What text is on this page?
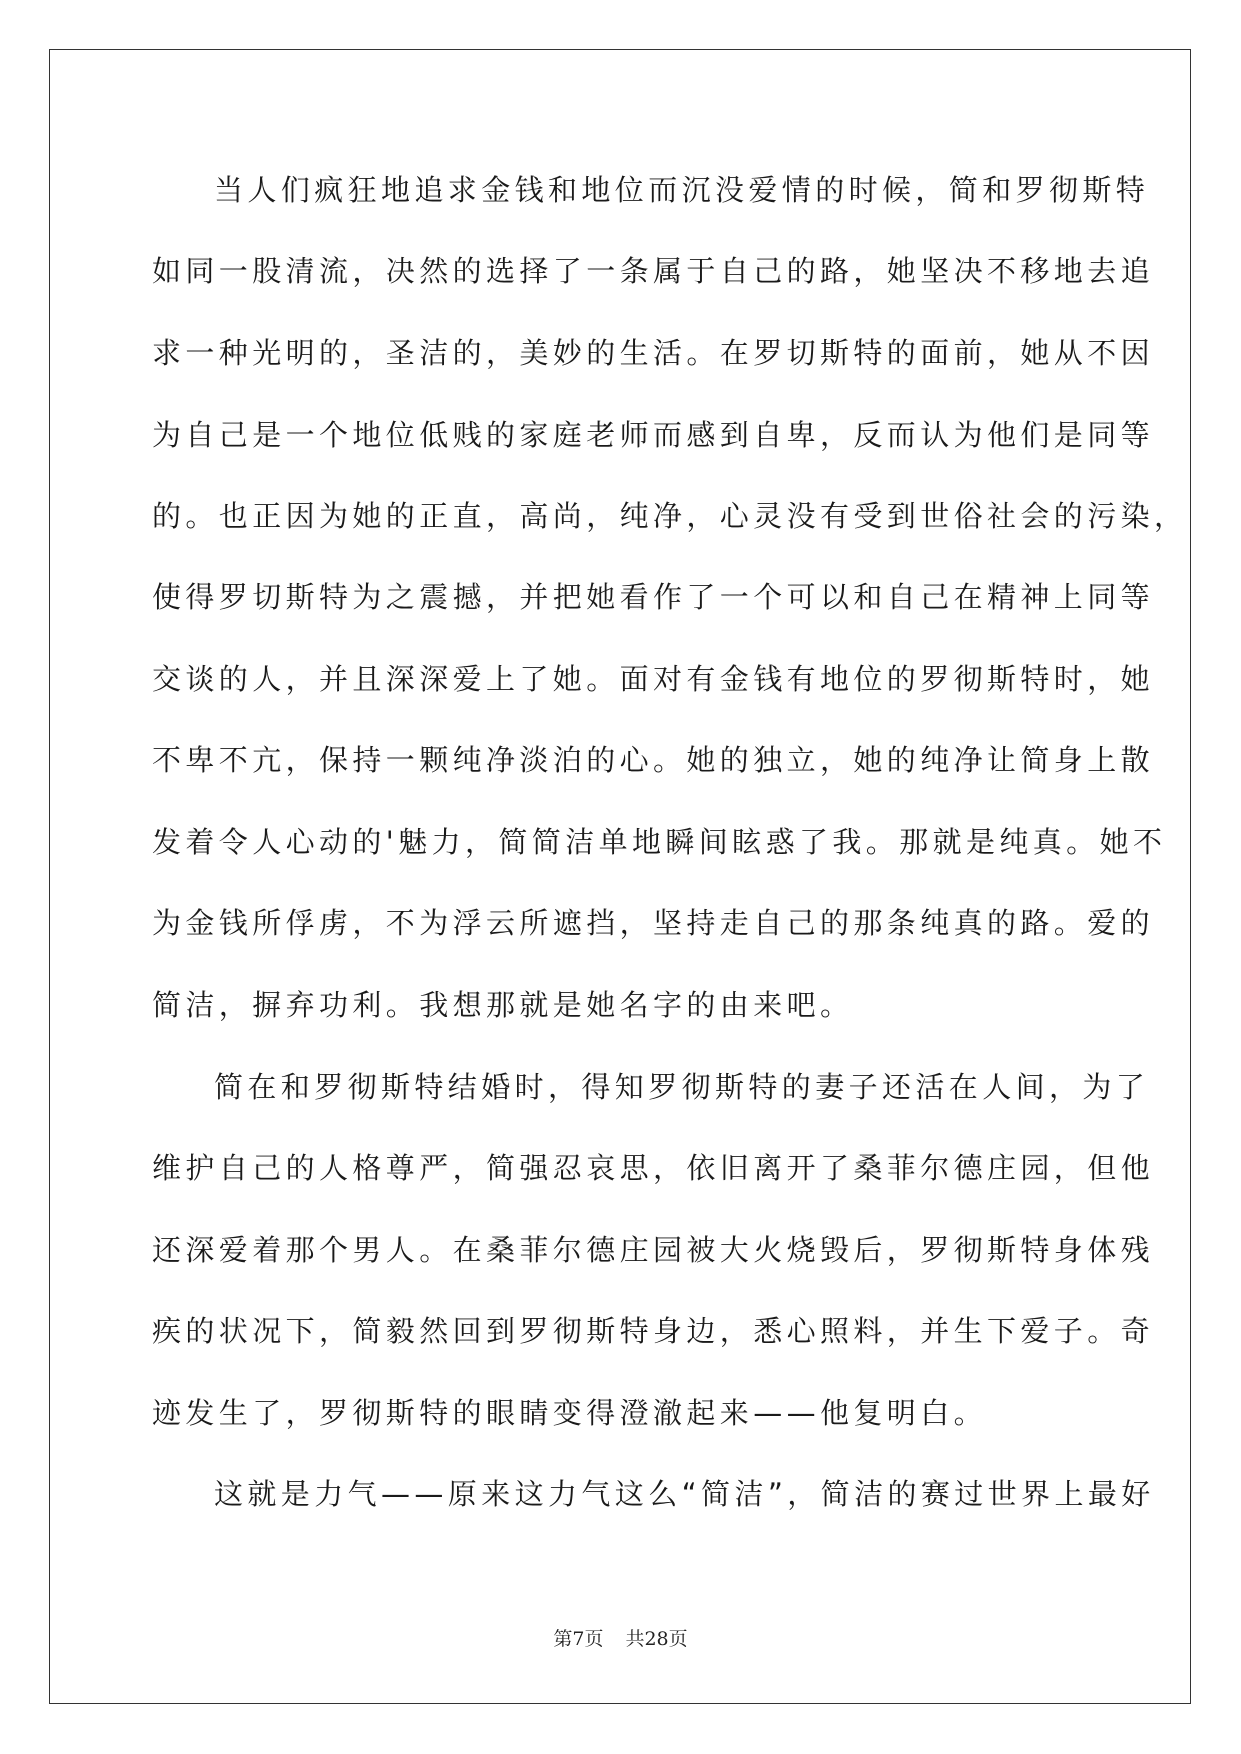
当人们疯狂地追求金钱和地位而沉没爱情的时候，简和罗彻斯特
如同一股清流，决然的选择了一条属于自己的路，她坚决不移地去追
求一种光明的，圣洁的，美妙的生活。在罗切斯特的面前，她从不因
为自己是一个地位低贱的家庭老师而感到自卑，反而认为他们是同等
的。也正因为她的正直，高尚，纯净，心灵没有受到世俗社会的污染，
使得罗切斯特为之震撼，并把她看作了一个可以和自己在精神上同等
交谈的人，并且深深爱上了她。面对有金钱有地位的罗彻斯特时，她
不卑不亢，保持一颗纯净淡泊的心。她的独立，她的纯净让简身上散
发着令人心动的'魅力，简简洁单地瞬间眩惑了我。那就是纯真。她不
为金钱所俘虏，不为浮云所遮挡，坚持走自己的那条纯真的路。爱的
简洁，摒弃功利。我想那就是她名字的由来吧。
简在和罗彻斯特结婚时，得知罗彻斯特的妻子还活在人间，为了
维护自己的人格尊严，简强忍哀思，依旧离开了桑菲尔德庄园，但他
还深爱着那个男人。在桑菲尔德庄园被大火烧毁后，罗彻斯特身体残
疾的状况下，简毅然回到罗彻斯特身边，悉心照料，并生下爱子。奇
迹发生了，罗彻斯特的眼睛变得澄澈起来——他复明白。
这就是力气——原来这力气这么“简洁”，简洁的赛过世界上最好
第7页 共28页
